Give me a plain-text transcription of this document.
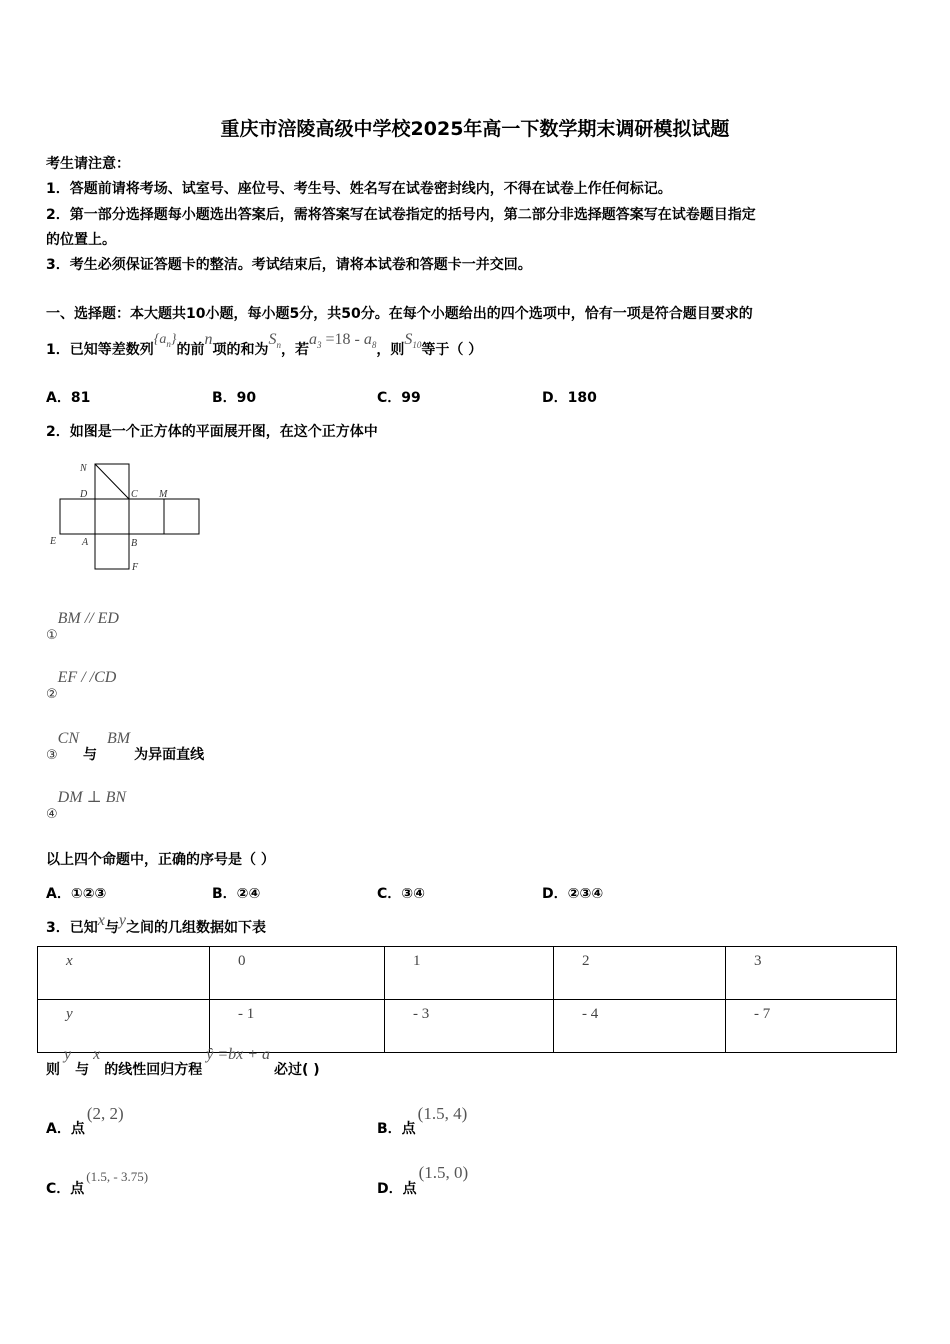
重庆市涪陵高级中学校2025年高一下数学期末调研模拟试题
考生请注意：
1．答题前请将考场、试室号、座位号、考生号、姓名写在试卷密封线内，不得在试卷上作任何标记。
2．第一部分选择题每小题选出答案后，需将答案写在试卷指定的括号内，第二部分非选择题答案写在试卷题目指定
的位置上。
3．考生必须保证答题卡的整洁。考试结束后，请将本试卷和答题卡一并交回。
一、选择题：本大题共10小题，每小题5分，共50分。在每个小题给出的四个选项中，恰有一项是符合题目要求的
1．已知等差数列$\{a_n\}$的前n项的和为$S_n$，若$a_3 =18 - a_8$，则$S_{10}$等于（ ）
A．81	B．90	C．99	D．180
2．如图是一个正方体的平面展开图，在这个正方体中
N
D	C M
E	A	B
F
①BM // ED
②EF / /CD
③CN与BM为异面直线
④DM ⊥ BN
以上四个命题中，正确的序号是（ ）
A．①②③	B．②④	C．③④	D．②③④
3．已知x与y之间的几组数据如下表
x	0	1	2	3
y	- 1	- 3	- 4	- 7
则y与x的线性回归方程ŷ =bx + a必过( )
A．点(2, 2)
B．点(1.5, 4)
C．点(1.5, - 3.75)
D．点(1.5, 0)
